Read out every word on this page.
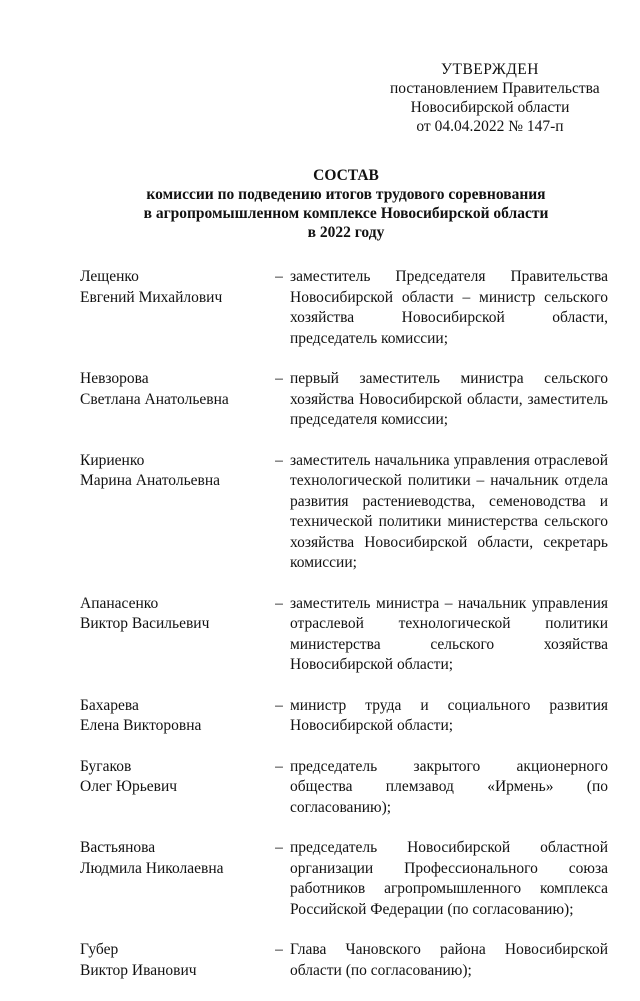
УТВЕРЖДЕН
постановлением Правительства
Новосибирской области
от 04.04.2022 № 147-п
СОСТАВ
комиссии по подведению итогов трудового соревнования
в агропромышленном комплексе Новосибирской области
в 2022 году
Лещенко
Евгений Михайлович
– заместитель Председателя Правительства Новосибирской области – министр сельского хозяйства Новосибирской области, председатель комиссии;
Невзорова
Светлана Анатольевна
– первый заместитель министра сельского хозяйства Новосибирской области, заместитель председателя комиссии;
Кириенко
Марина Анатольевна
– заместитель начальника управления отраслевой технологической политики – начальник отдела развития растениеводства, семеноводства и технической политики министерства сельского хозяйства Новосибирской области, секретарь комиссии;
Апанасенко
Виктор Васильевич
– заместитель министра – начальник управления отраслевой технологической политики министерства сельского хозяйства Новосибирской области;
Бахарева
Елена Викторовна
– министр труда и социального развития Новосибирской области;
Бугаков
Олег Юрьевич
– председатель закрытого акционерного общества племзавод «Ирмень» (по согласованию);
Вастьянова
Людмила Николаевна
– председатель Новосибирской областной организации Профессионального союза работников агропромышленного комплекса Российской Федерации (по согласованию);
Губер
Виктор Иванович
– Глава Чановского района Новосибирской области (по согласованию);
